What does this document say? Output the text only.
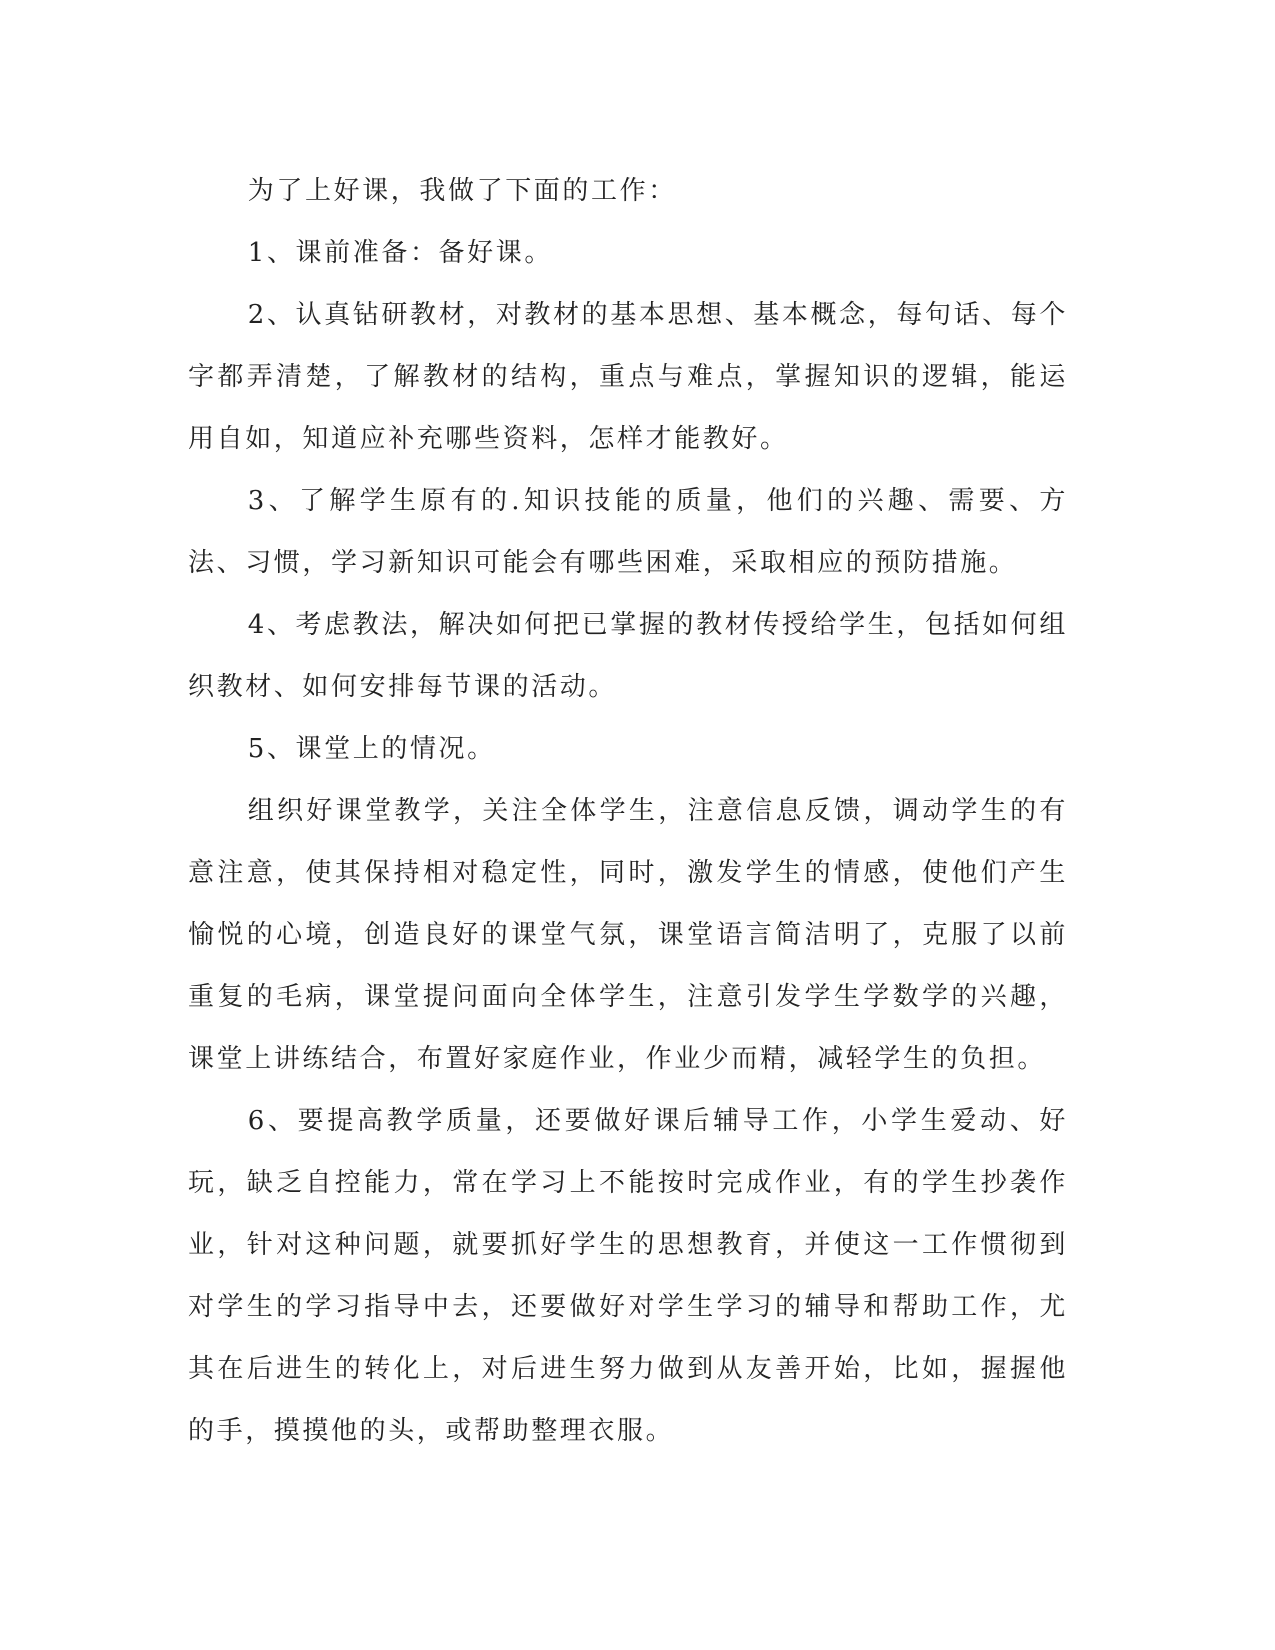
为了上好课，我做了下面的工作：

1、课前准备：备好课。

2、认真钻研教材，对教材的基本思想、基本概念，每句话、每个字都弄清楚，了解教材的结构，重点与难点，掌握知识的逻辑，能运用自如，知道应补充哪些资料，怎样才能教好。

3、了解学生原有的.知识技能的质量，他们的兴趣、需要、方法、习惯，学习新知识可能会有哪些困难，采取相应的预防措施。

4、考虑教法，解决如何把已掌握的教材传授给学生，包括如何组织教材、如何安排每节课的活动。

5、课堂上的情况。

组织好课堂教学，关注全体学生，注意信息反馈，调动学生的有意注意，使其保持相对稳定性，同时，激发学生的情感，使他们产生愉悦的心境，创造良好的课堂气氛，课堂语言简洁明了，克服了以前重复的毛病，课堂提问面向全体学生，注意引发学生学数学的兴趣，课堂上讲练结合，布置好家庭作业，作业少而精，减轻学生的负担。

6、要提高教学质量，还要做好课后辅导工作，小学生爱动、好玩，缺乏自控能力，常在学习上不能按时完成作业，有的学生抄袭作业，针对这种问题，就要抓好学生的思想教育，并使这一工作惯彻到对学生的学习指导中去，还要做好对学生学习的辅导和帮助工作，尤其在后进生的转化上，对后进生努力做到从友善开始，比如，握握他的手，摸摸他的头，或帮助整理衣服。
